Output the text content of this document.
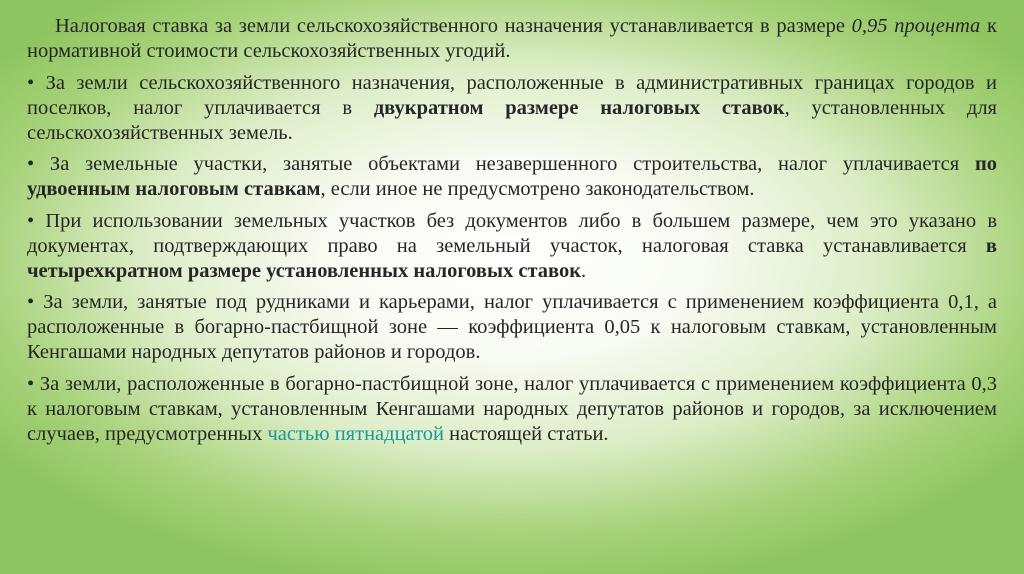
Налоговая ставка за земли сельскохозяйственного назначения устанавливается в размере 0,95 процента к нормативной стоимости сельскохозяйственных угодий.

• За земли сельскохозяйственного назначения, расположенные в административных границах городов и поселков, налог уплачивается в двукратном размере налоговых ставок, установленных для сельскохозяйственных земель.

• За земельные участки, занятые объектами незавершенного строительства, налог уплачивается по удвоенным налоговым ставкам, если иное не предусмотрено законодательством.

• При использовании земельных участков без документов либо в большем размере, чем это указано в документах, подтверждающих право на земельный участок, налоговая ставка устанавливается в четырехкратном размере установленных налоговых ставок.

• За земли, занятые под рудниками и карьерами, налог уплачивается с применением коэффициента 0,1, а расположенные в богарно-пастбищной зоне — коэффициента 0,05 к налоговым ставкам, установленным Кенгашами народных депутатов районов и городов.

• За земли, расположенные в богарно-пастбищной зоне, налог уплачивается с применением коэффициента 0,3 к налоговым ставкам, установленным Кенгашами народных депутатов районов и городов, за исключением случаев, предусмотренных частью пятнадцатой настоящей статьи.
